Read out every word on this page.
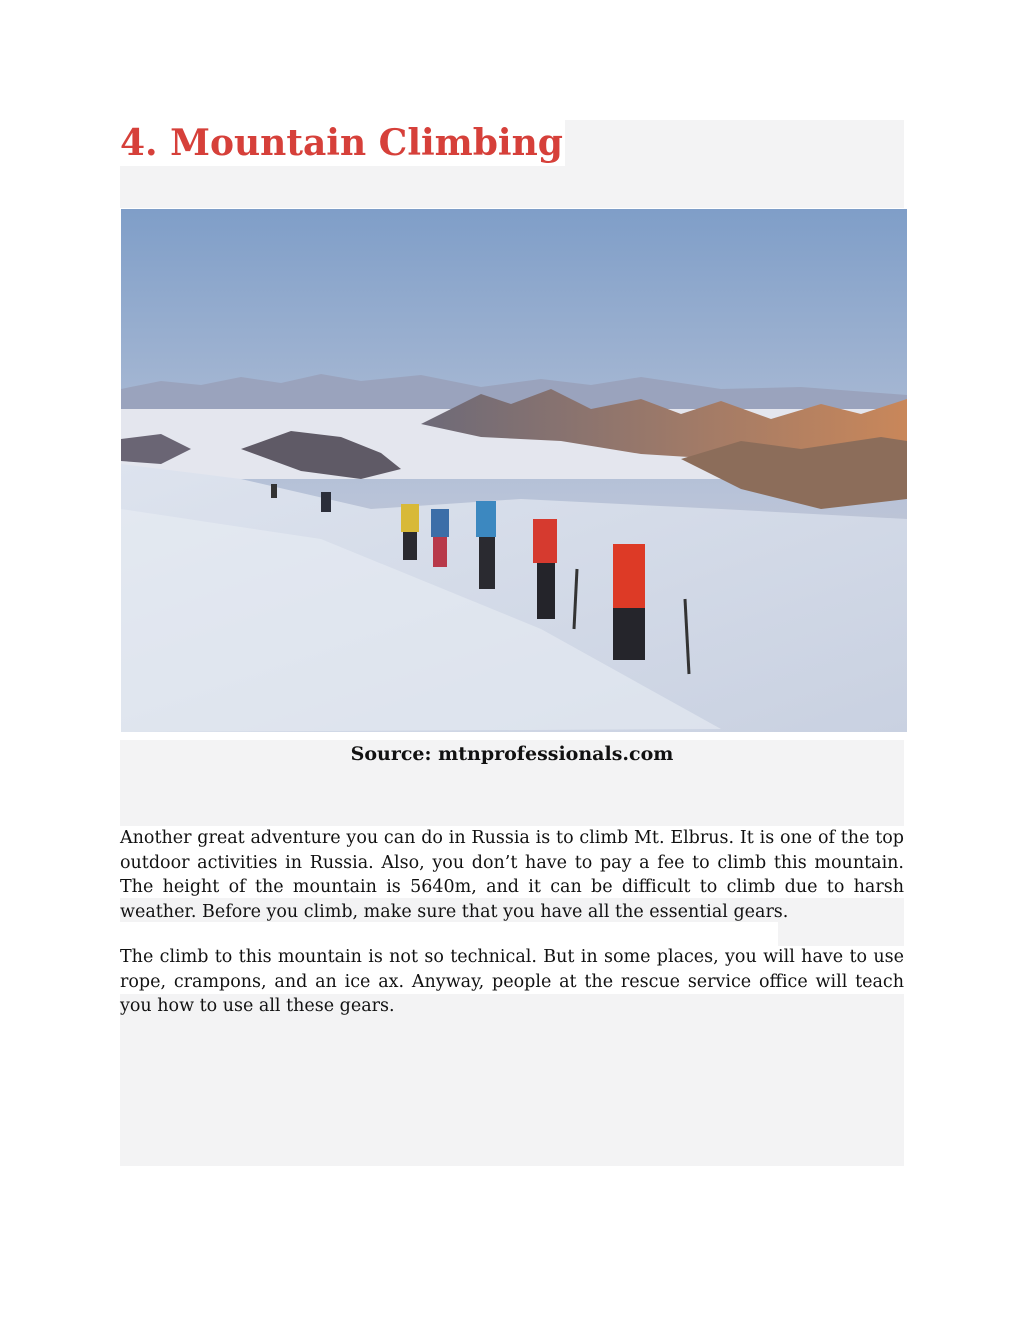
4. Mountain Climbing
Source: mtnprofessionals.com

Another great adventure you can do in Russia is to climb Mt. Elbrus. It is one of the top outdoor activities in Russia. Also, you don’t have to pay a fee to climb this mountain. The height of the mountain is 5640m, and it can be difficult to climb due to harsh weather. Before you climb, make sure that you have all the essential gears.

The climb to this mountain is not so technical. But in some places, you will have to use rope, crampons, and an ice ax. Anyway, people at the rescue service office will teach you how to use all these gears.
